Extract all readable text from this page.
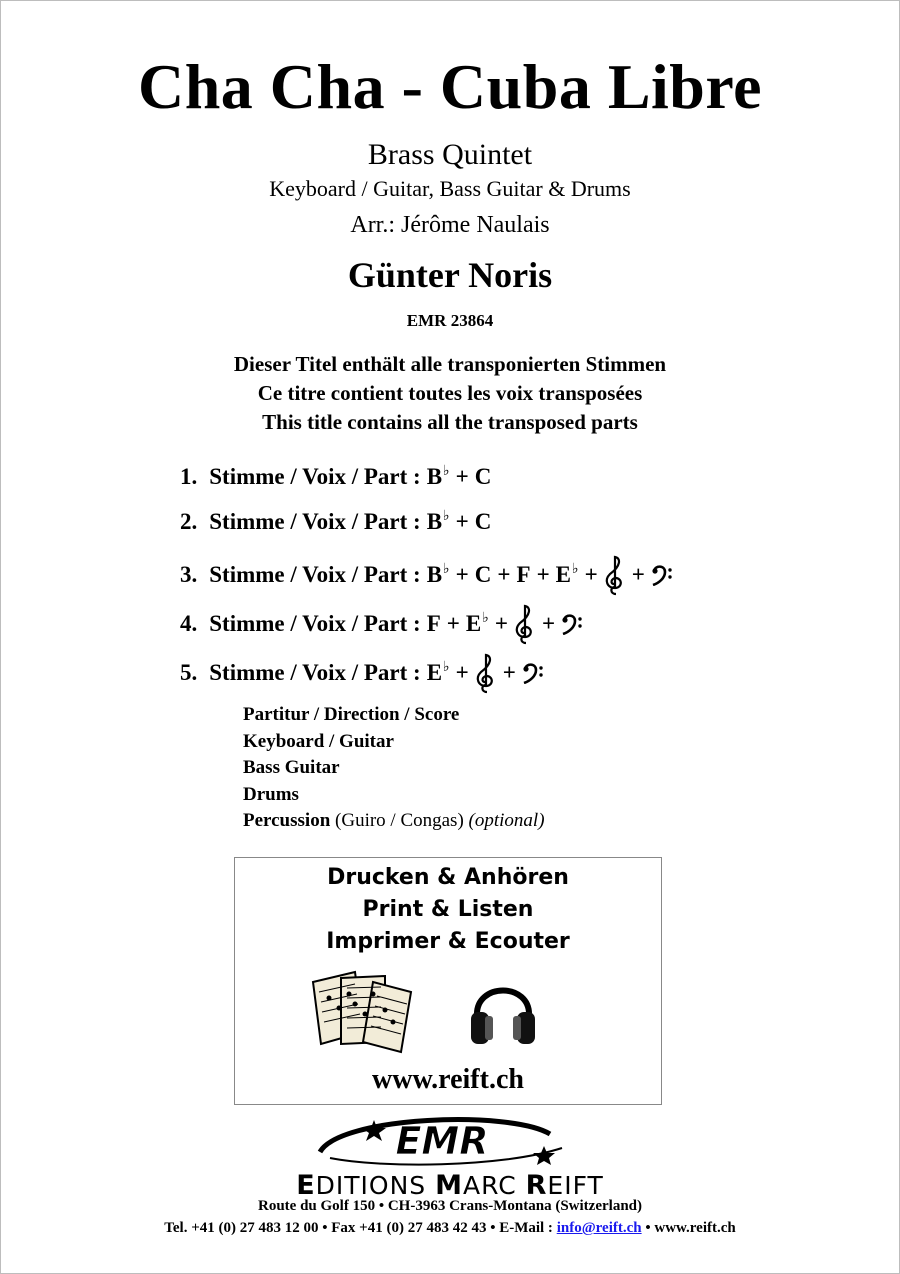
Cha Cha - Cuba Libre
Brass Quintet
Keyboard / Guitar, Bass Guitar & Drums
Arr.: Jérôme Naulais
Günter Noris
EMR 23864
Dieser Titel enthält alle transponierten Stimmen
Ce titre contient toutes les voix transposées
This title contains all the transposed parts
1. Stimme / Voix / Part : B♭ + C
2. Stimme / Voix / Part : B♭ + C
3. Stimme / Voix / Part : B♭ + C + F + E♭ + +
4. Stimme / Voix / Part : F + E♭ + +
5. Stimme / Voix / Part : E♭ + +
Partitur / Direction / Score
Keyboard / Guitar
Bass Guitar
Drums
Percussion (Guiro / Congas) (optional)
Drucken & Anhören
Print & Listen
Imprimer & Ecouter
www.reift.ch
EMR
EDITIONS MARC REIFT
Route du Golf 150 • CH-3963 Crans-Montana (Switzerland)
Tel. +41 (0) 27 483 12 00 • Fax +41 (0) 27 483 42 43 • E-Mail : info@reift.ch • www.reift.ch
